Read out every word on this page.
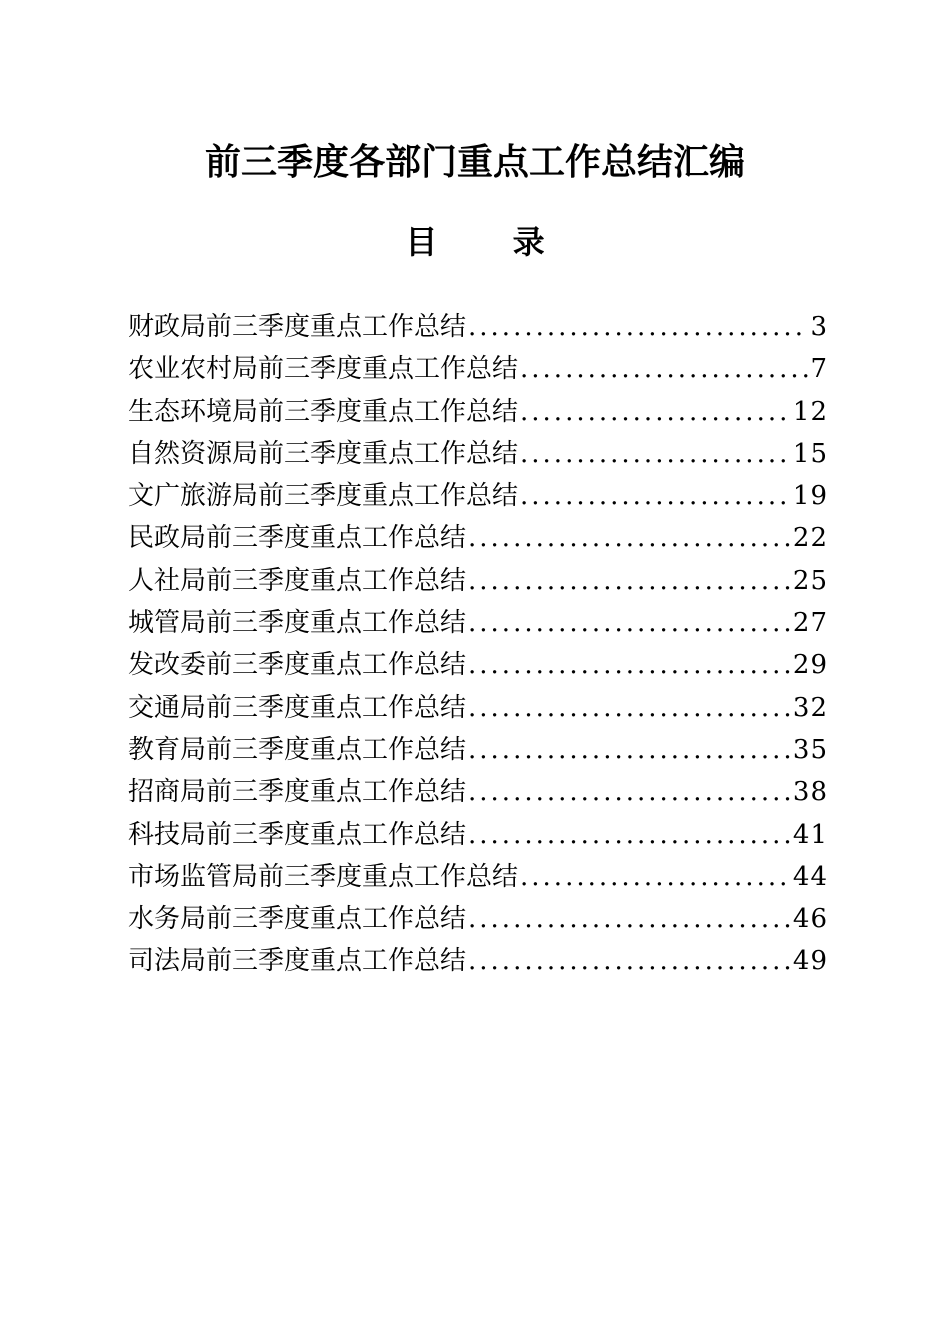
前三季度各部门重点工作总结汇编
目 录
财政局前三季度重点工作总结 .....	3
农业农村局前三季度重点工作总结 .....	7
生态环境局前三季度重点工作总结 .....	12
自然资源局前三季度重点工作总结 .....	15
文广旅游局前三季度重点工作总结 .....	19
民政局前三季度重点工作总结 .....	22
人社局前三季度重点工作总结 .....	25
城管局前三季度重点工作总结 .....	27
发改委前三季度重点工作总结 .....	29
交通局前三季度重点工作总结 .....	32
教育局前三季度重点工作总结 .....	35
招商局前三季度重点工作总结 .....	38
科技局前三季度重点工作总结 .....	41
市场监管局前三季度重点工作总结 .....	44
水务局前三季度重点工作总结 .....	46
司法局前三季度重点工作总结 .....	49
